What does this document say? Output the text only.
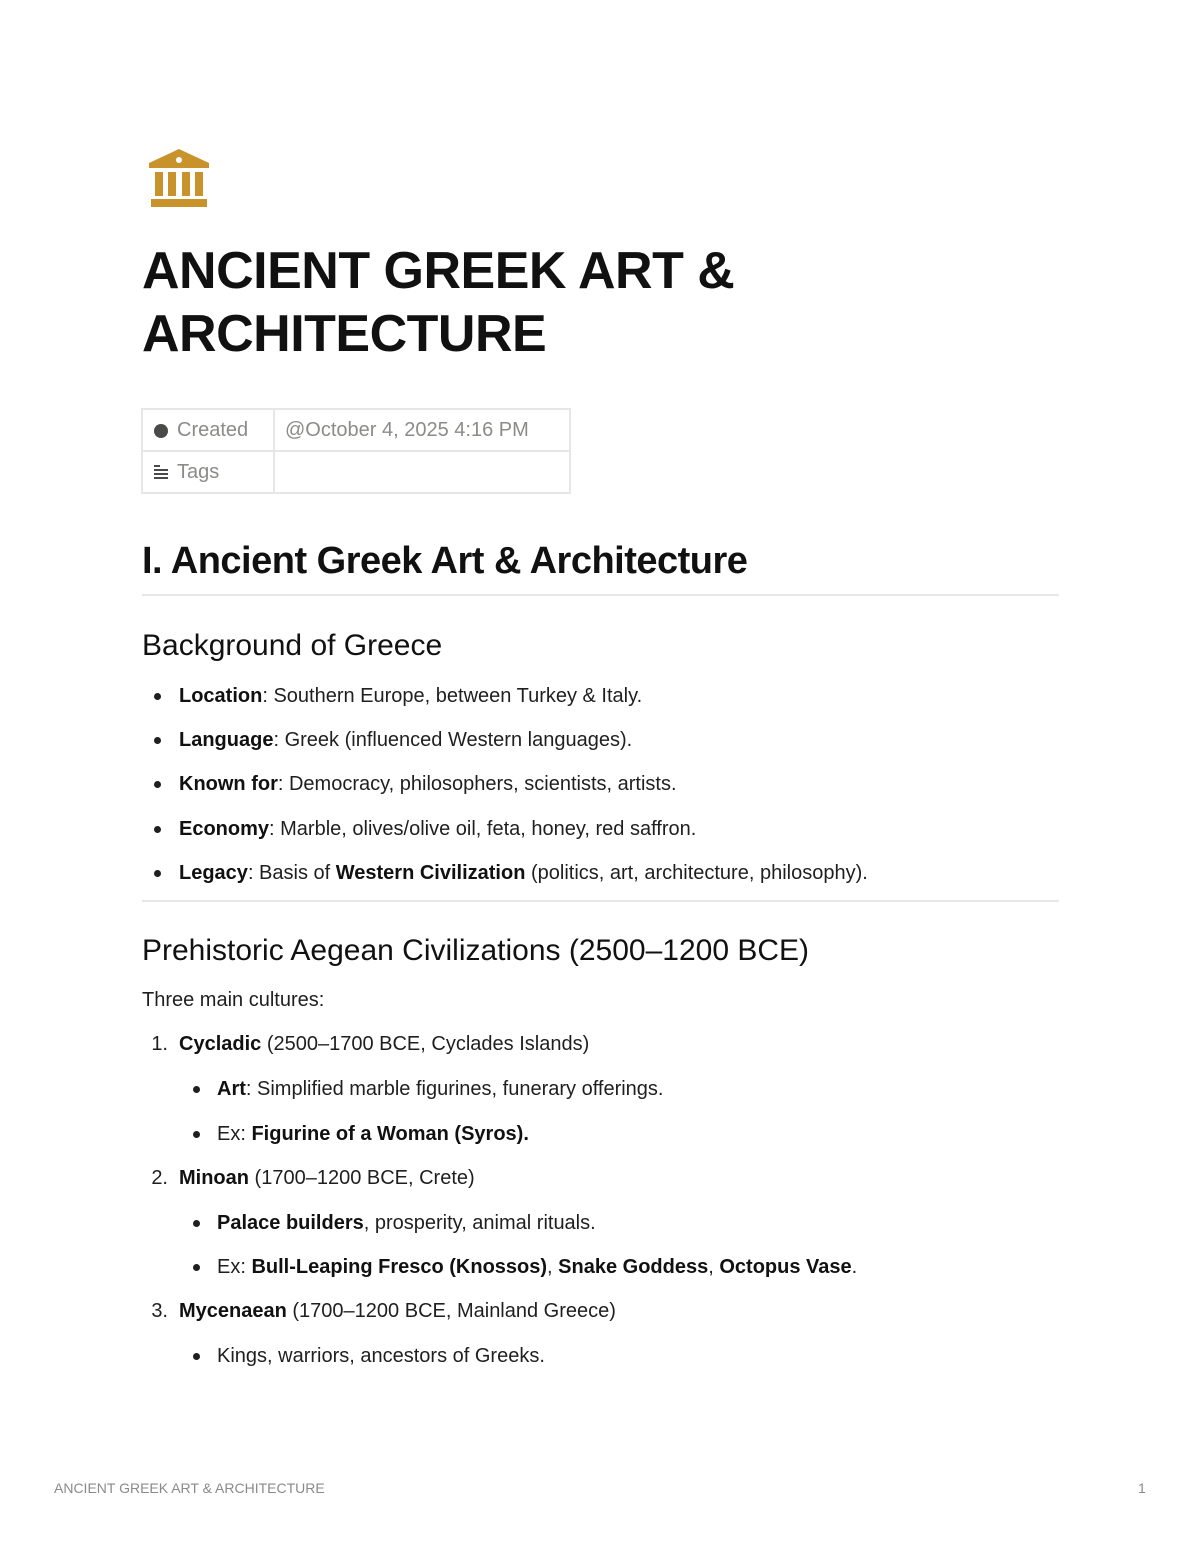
ANCIENT GREEK ART &
ARCHITECTURE
Created	@October 4, 2025 4:16 PM
Tags	
I. Ancient Greek Art & Architecture
Background of Greece
Location: Southern Europe, between Turkey & Italy.
Language: Greek (influenced Western languages).
Known for: Democracy, philosophers, scientists, artists.
Economy: Marble, olives/olive oil, feta, honey, red saffron.
Legacy: Basis of Western Civilization (politics, art, architecture, philosophy).
Prehistoric Aegean Civilizations (2500–1200 BCE)
Three main cultures:
1. Cycladic (2500–1700 BCE, Cyclades Islands)
Art: Simplified marble figurines, funerary offerings.
Ex: Figurine of a Woman (Syros).
2. Minoan (1700–1200 BCE, Crete)
Palace builders, prosperity, animal rituals.
Ex: Bull-Leaping Fresco (Knossos), Snake Goddess, Octopus Vase.
3. Mycenaean (1700–1200 BCE, Mainland Greece)
Kings, warriors, ancestors of Greeks.
ANCIENT GREEK ART & ARCHITECTURE	1
